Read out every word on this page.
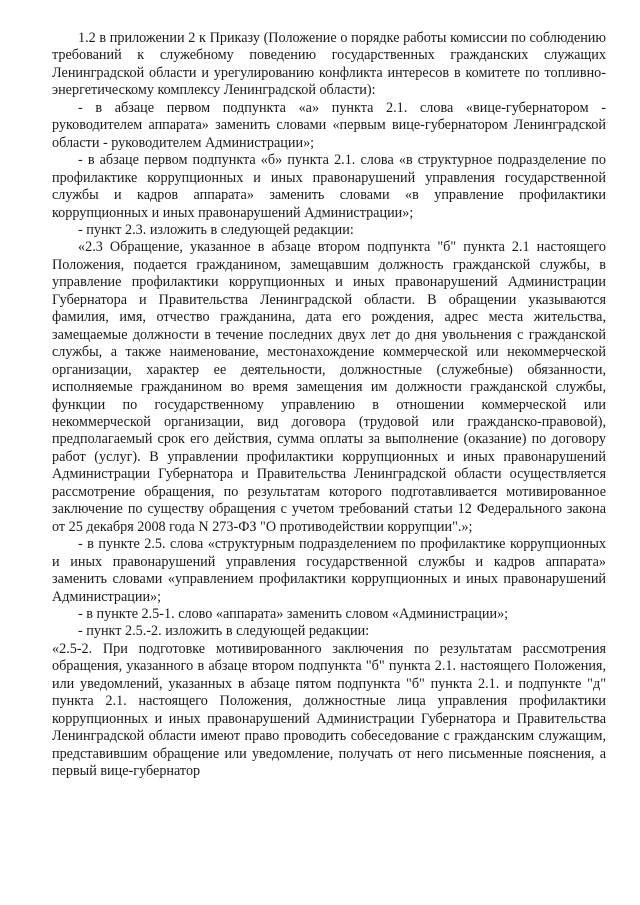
1.2 в приложении 2 к Приказу (Положение о порядке работы комиссии по соблюдению требований к служебному поведению государственных гражданских служащих Ленинградской области и урегулированию конфликта интересов в комитете по топливно-энергетическому комплексу Ленинградской области):

- в абзаце первом подпункта «а» пункта 2.1. слова «вице-губернатором - руководителем аппарата» заменить словами «первым вице-губернатором Ленинградской области - руководителем Администрации»;

- в абзаце первом подпункта «б» пункта 2.1. слова «в структурное подразделение по профилактике коррупционных и иных правонарушений управления государственной службы и кадров аппарата» заменить словами «в управление профилактики коррупционных и иных правонарушений Администрации»;

- пункт 2.3. изложить в следующей редакции:

«2.3 Обращение, указанное в абзаце втором подпункта "б" пункта 2.1 настоящего Положения, подается гражданином, замещавшим должность гражданской службы, в управление профилактики коррупционных и иных правонарушений Администрации Губернатора и Правительства Ленинградской области. В обращении указываются фамилия, имя, отчество гражданина, дата его рождения, адрес места жительства, замещаемые должности в течение последних двух лет до дня увольнения с гражданской службы, а также наименование, местонахождение коммерческой или некоммерческой организации, характер ее деятельности, должностные (служебные) обязанности, исполняемые гражданином во время замещения им должности гражданской службы, функции по государственному управлению в отношении коммерческой или некоммерческой организации, вид договора (трудовой или гражданско-правовой), предполагаемый срок его действия, сумма оплаты за выполнение (оказание) по договору работ (услуг). В управлении профилактики коррупционных и иных правонарушений Администрации Губернатора и Правительства Ленинградской области осуществляется рассмотрение обращения, по результатам которого подготавливается мотивированное заключение по существу обращения с учетом требований статьи 12 Федерального закона от 25 декабря 2008 года N 273-ФЗ "О противодействии коррупции".»;

- в пункте 2.5. слова «структурным подразделением по профилактике коррупционных и иных правонарушений управления государственной службы и кадров аппарата» заменить словами «управлением профилактики коррупционных и иных правонарушений Администрации»;

- в пункте 2.5-1. слово «аппарата» заменить словом «Администрации»;

- пункт 2.5.-2. изложить в следующей редакции:

«2.5-2. При подготовке мотивированного заключения по результатам рассмотрения обращения, указанного в абзаце втором подпункта "б" пункта 2.1. настоящего Положения, или уведомлений, указанных в абзаце пятом подпункта "б" пункта 2.1. и подпункте "д" пункта 2.1. настоящего Положения, должностные лица управления профилактики коррупционных и иных правонарушений Администрации Губернатора и Правительства Ленинградской области имеют право проводить собеседование с гражданским служащим, представившим обращение или уведомление, получать от него письменные пояснения, а первый вице-губернатор
